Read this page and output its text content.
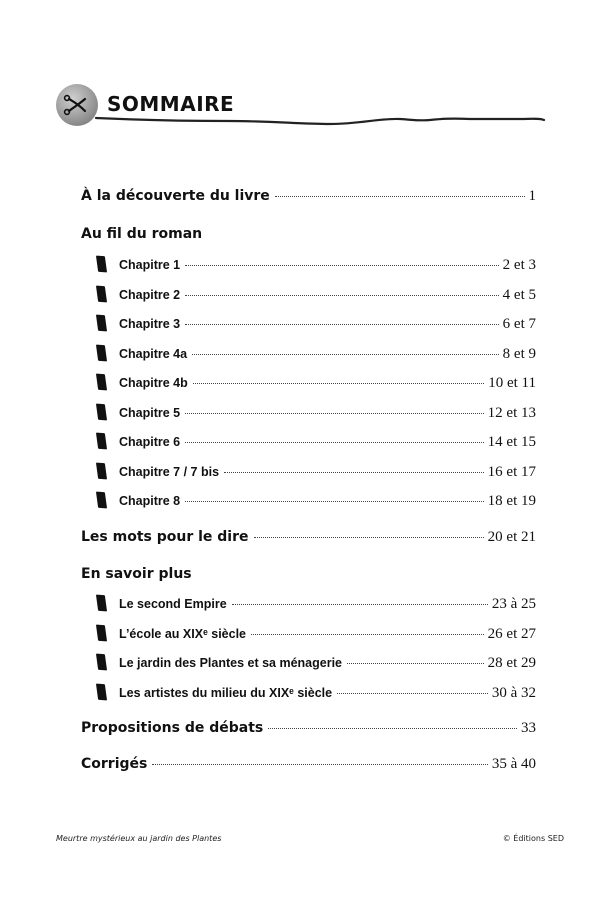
SOMMAIRE
À la découverte du livre	1
Au fil du roman
Chapitre 1	2 et 3
Chapitre 2	4 et 5
Chapitre 3	6 et 7
Chapitre 4a	8 et 9
Chapitre 4b	10 et 11
Chapitre 5	12 et 13
Chapitre 6	14 et 15
Chapitre 7 / 7 bis	16 et 17
Chapitre 8	18 et 19
Les mots pour le dire	20 et 21
En savoir plus
Le second Empire	23 à 25
L’école au XIXᵉ siècle	26 et 27
Le jardin des Plantes et sa ménagerie	28 et 29
Les artistes du milieu du XIXᵉ siècle	30 à 32
Propositions de débats	33
Corrigés	35 à 40
Meurtre mystérieux au jardin des Plantes	© Éditions SED
